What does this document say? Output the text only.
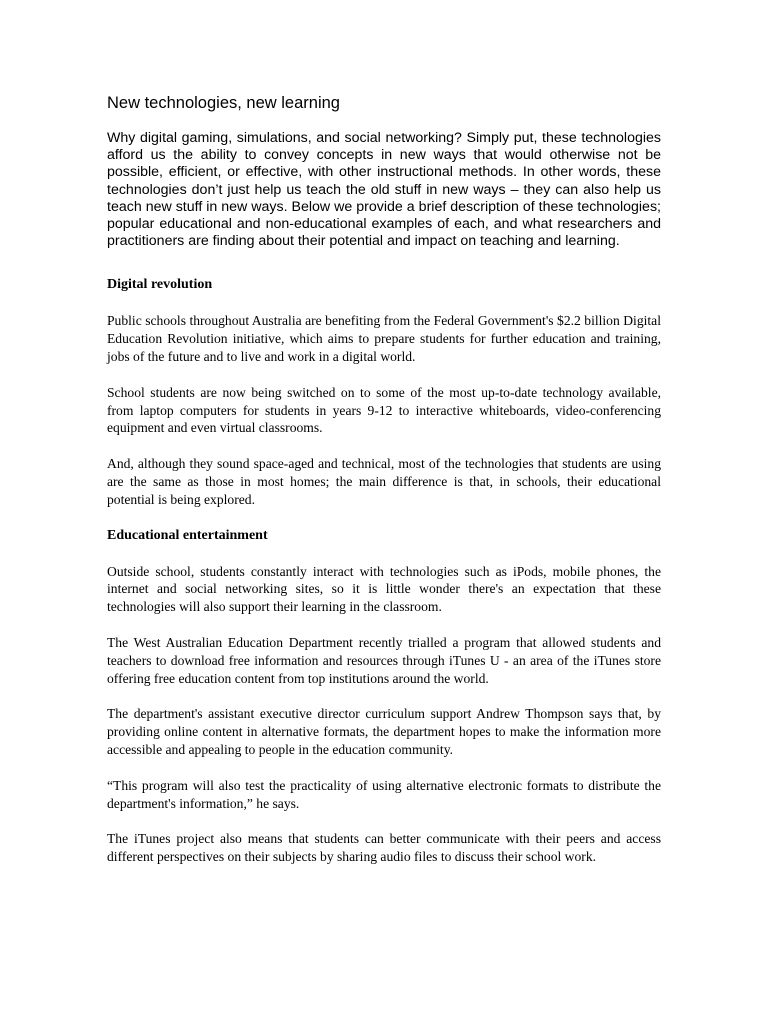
New technologies, new learning

Why digital gaming, simulations, and social networking? Simply put, these technologies afford us the ability to convey concepts in new ways that would otherwise not be possible, efficient, or effective, with other instructional methods. In other words, these technologies don’t just help us teach the old stuff in new ways – they can also help us teach new stuff in new ways. Below we provide a brief description of these technologies; popular educational and non-educational examples of each, and what researchers and practitioners are finding about their potential and impact on teaching and learning.

Digital revolution

Public schools throughout Australia are benefiting from the Federal Government's $2.2 billion Digital Education Revolution initiative, which aims to prepare students for further education and training, jobs of the future and to live and work in a digital world.

School students are now being switched on to some of the most up-to-date technology available, from laptop computers for students in years 9-12 to interactive whiteboards, video-conferencing equipment and even virtual classrooms.

And, although they sound space-aged and technical, most of the technologies that students are using are the same as those in most homes; the main difference is that, in schools, their educational potential is being explored.

Educational entertainment

Outside school, students constantly interact with technologies such as iPods, mobile phones, the internet and social networking sites, so it is little wonder there's an expectation that these technologies will also support their learning in the classroom.

The West Australian Education Department recently trialled a program that allowed students and teachers to download free information and resources through iTunes U - an area of the iTunes store offering free education content from top institutions around the world.

The department's assistant executive director curriculum support Andrew Thompson says that, by providing online content in alternative formats, the department hopes to make the information more accessible and appealing to people in the education community.

“This program will also test the practicality of using alternative electronic formats to distribute the department's information,” he says.

The iTunes project also means that students can better communicate with their peers and access different perspectives on their subjects by sharing audio files to discuss their school work.
